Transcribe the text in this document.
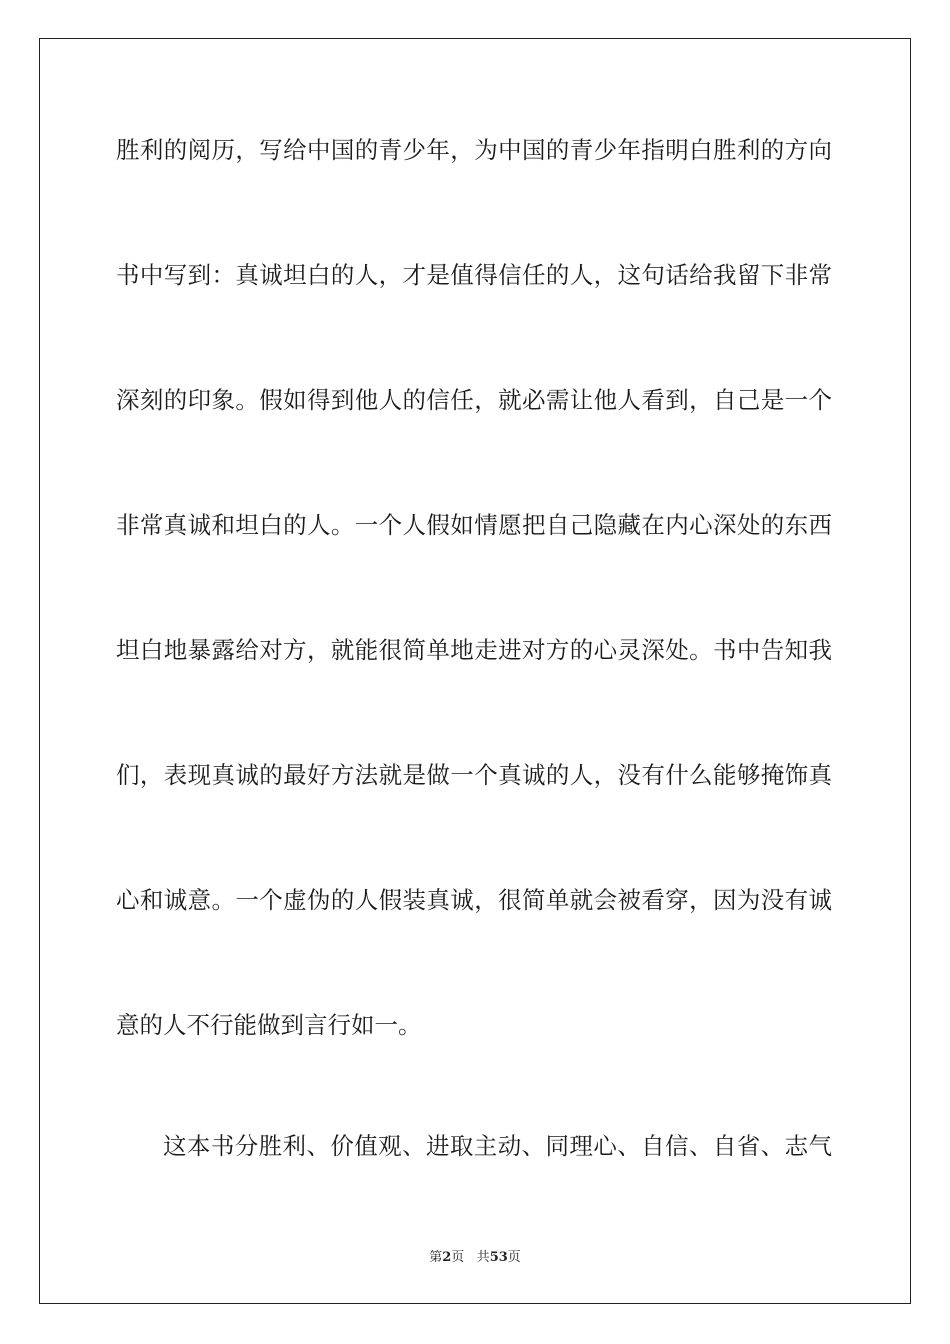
胜利的阅历，写给中国的青少年，为中国的青少年指明白胜利的方向
书中写到：真诚坦白的人，才是值得信任的人，这句话给我留下非常
深刻的印象。假如得到他人的信任，就必需让他人看到，自己是一个
非常真诚和坦白的人。一个人假如情愿把自己隐藏在内心深处的东西
坦白地暴露给对方，就能很简单地走进对方的心灵深处。书中告知我
们，表现真诚的最好方法就是做一个真诚的人，没有什么能够掩饰真
心和诚意。一个虚伪的人假装真诚，很简单就会被看穿，因为没有诚
意的人不行能做到言行如一。
这本书分胜利、价值观、进取主动、同理心、自信、自省、志气
第2页 共53页
